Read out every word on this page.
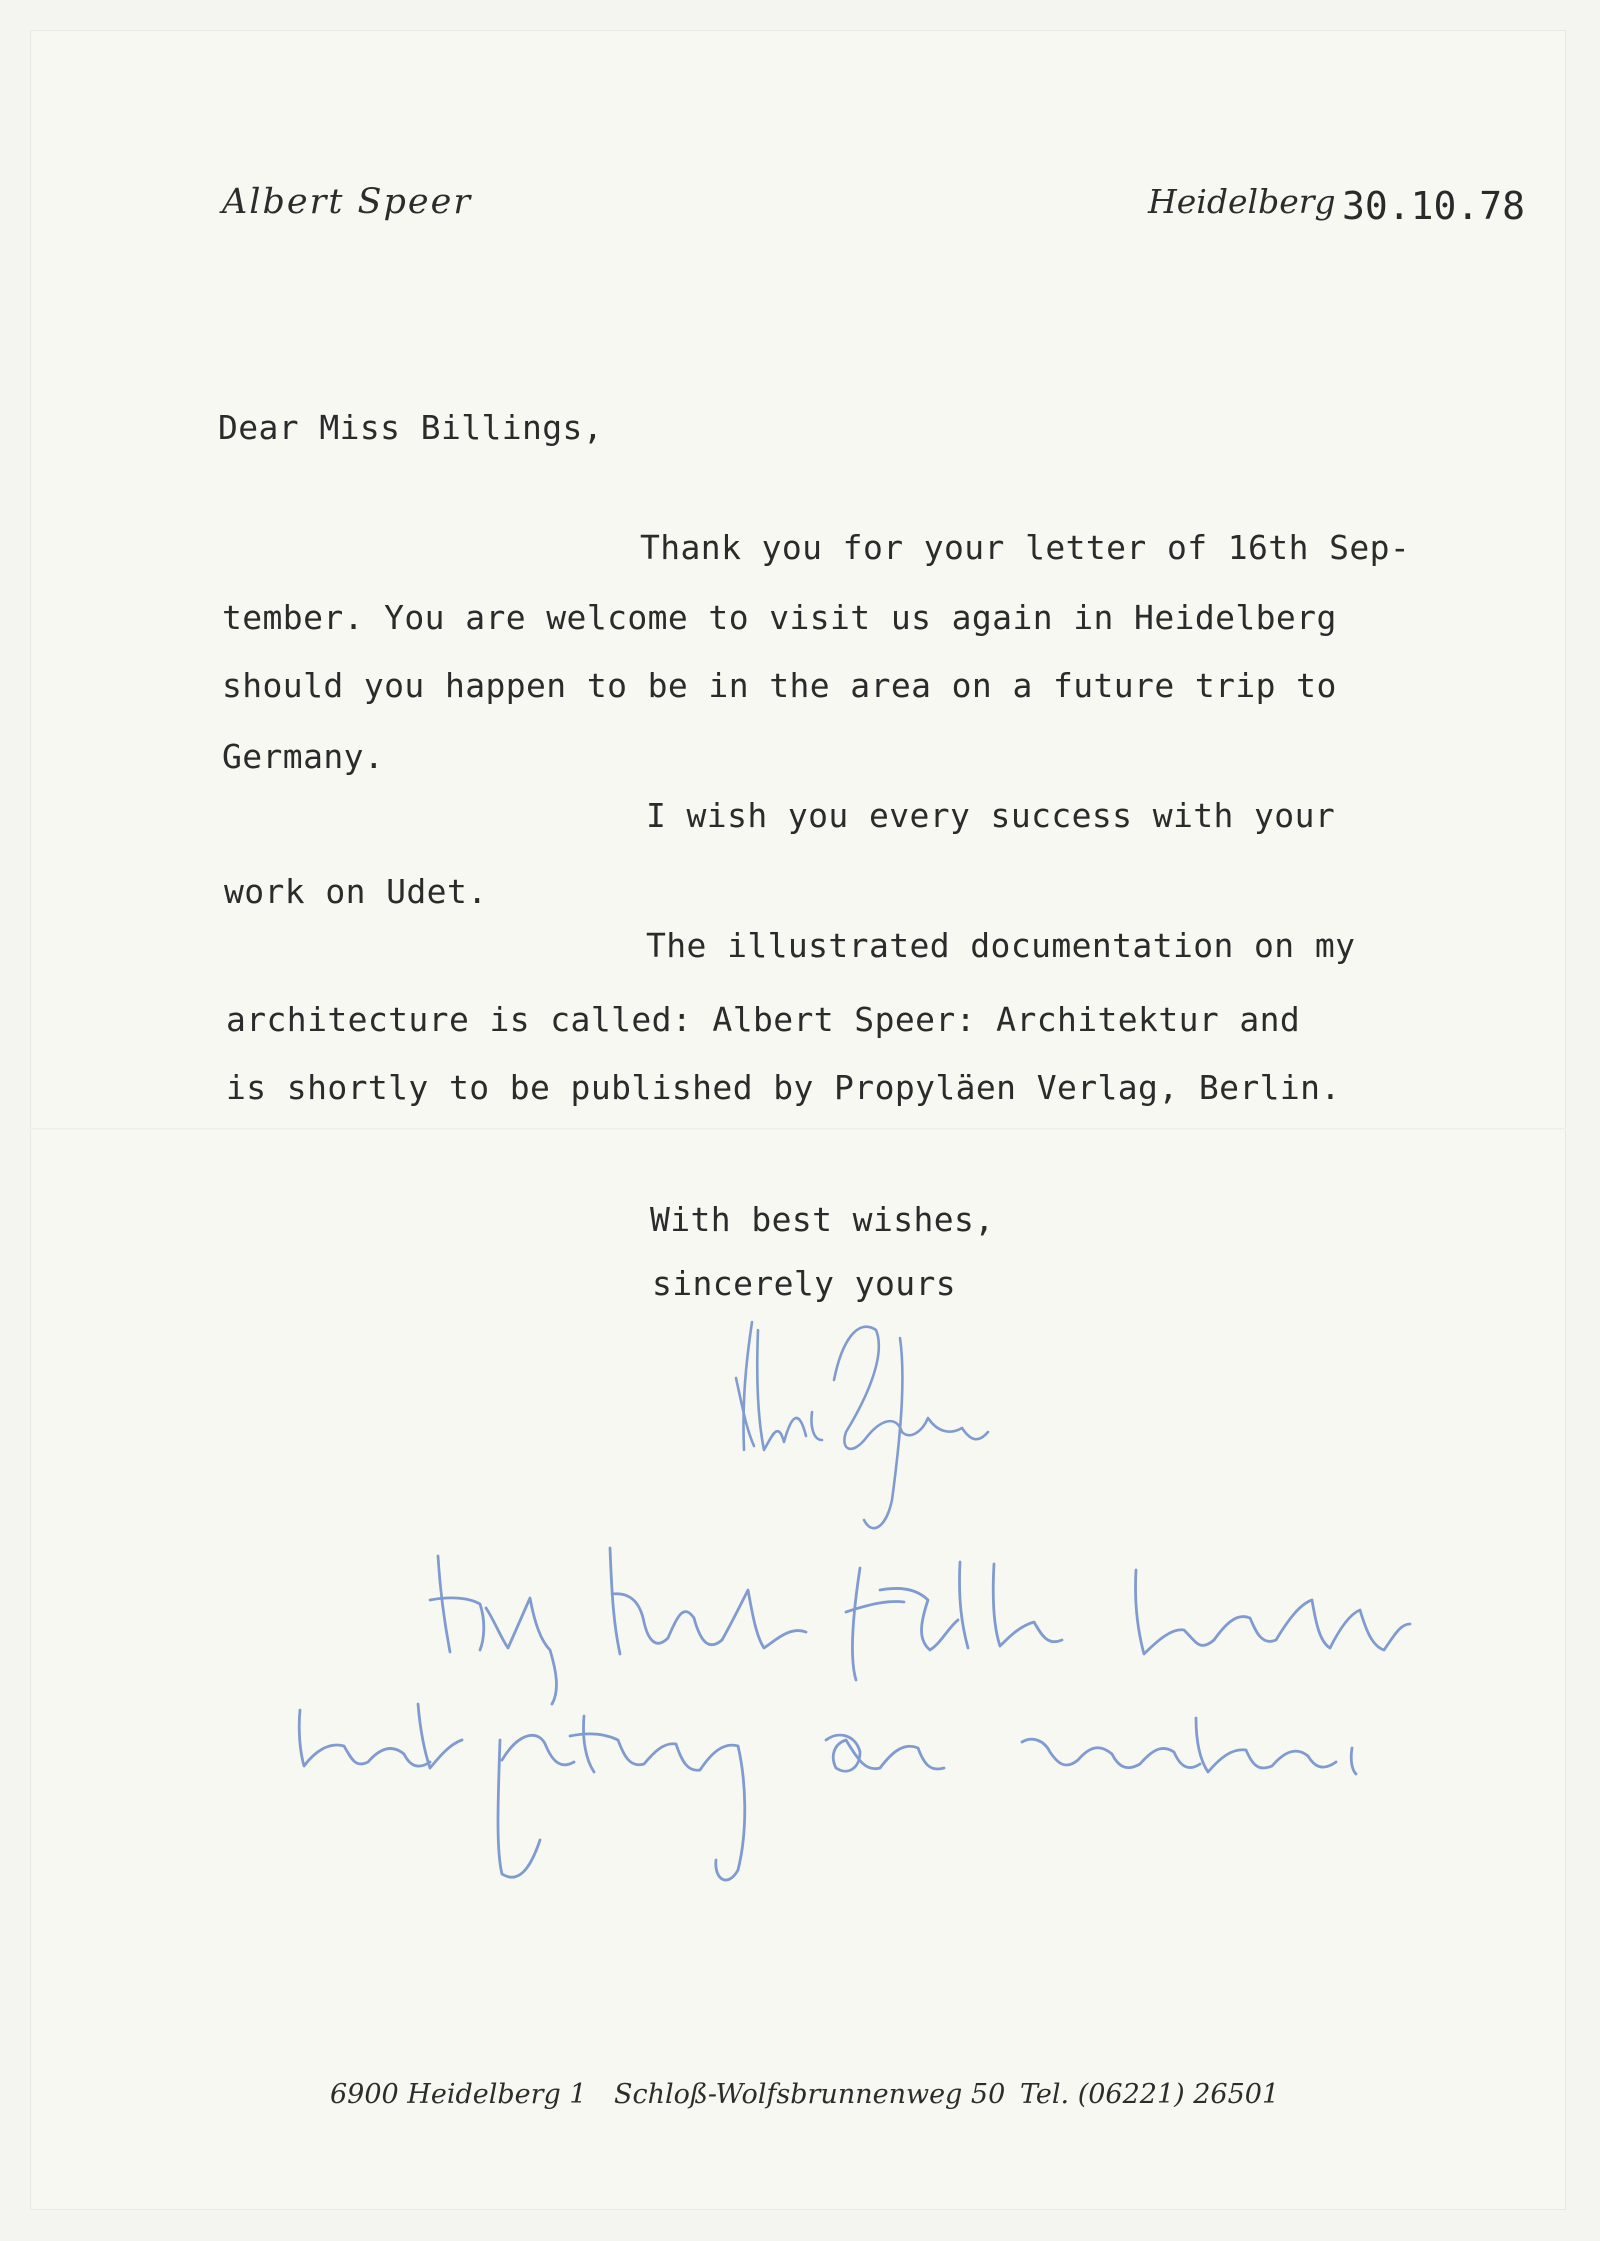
Albert Speer	Heidelberg 30.10.78
Dear Miss Billings,
Thank you for your letter of 16th Sep-
tember. You are welcome to visit us again in Heidelberg
should you happen to be in the area on a future trip to
Germany.
I wish you every success with your
work on Udet.
The illustrated documentation on my
architecture is called: Albert Speer: Architektur and
is shortly to be published by Propyläen Verlag, Berlin.
With best wishes,
sincerely yours
6900 Heidelberg 1 Schloß-Wolfsbrunnenweg 50 Tel. (06221) 26501
